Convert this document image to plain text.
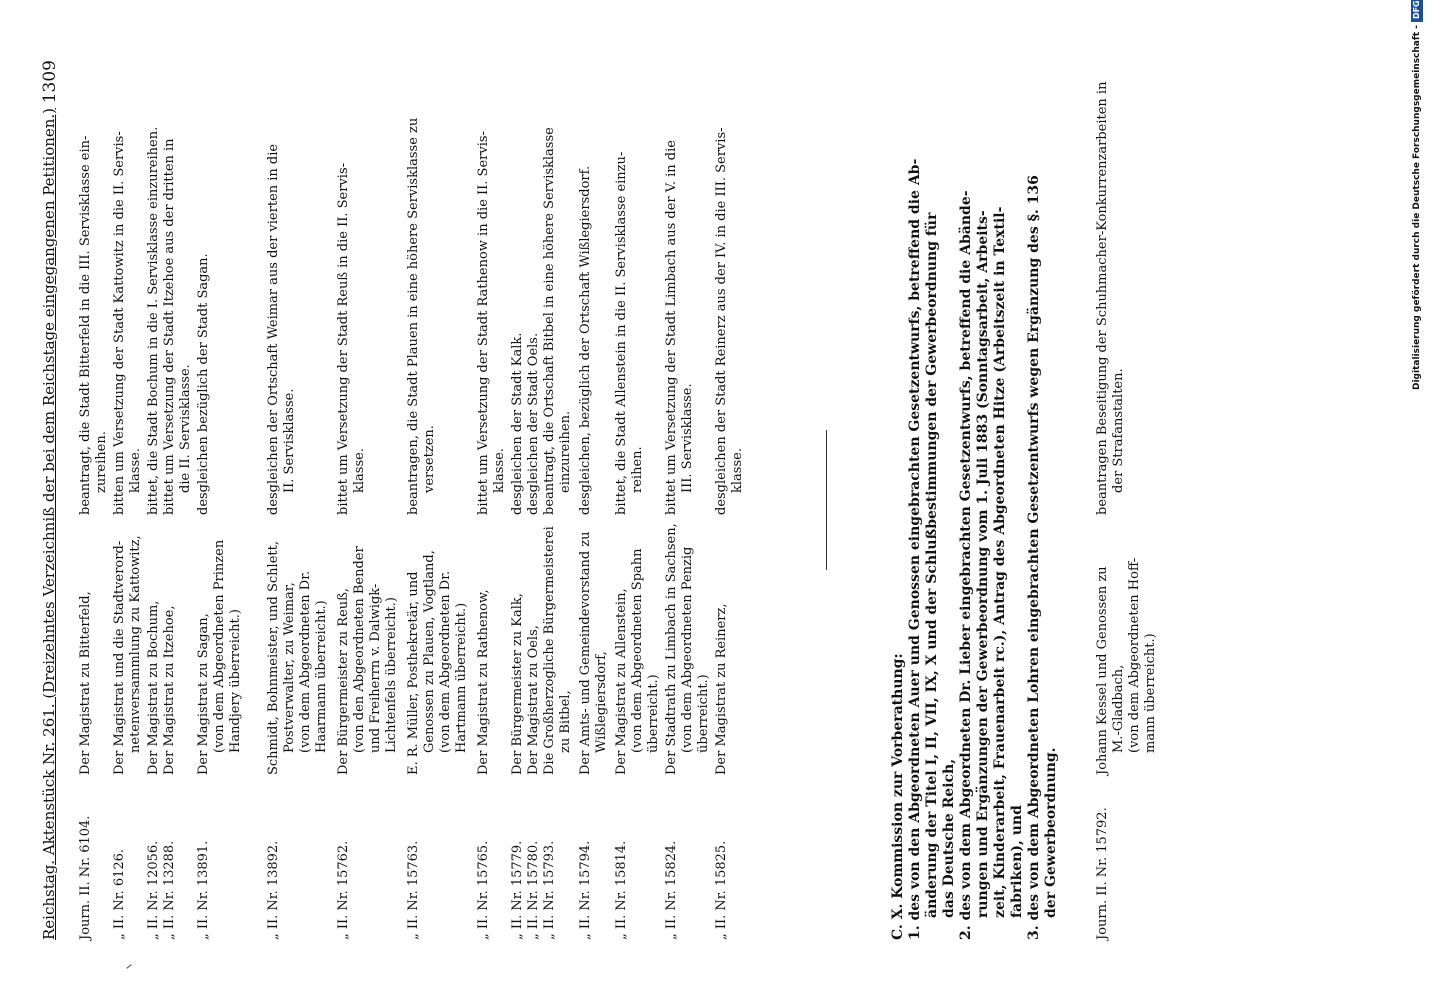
Reichstag. Aktenstück Nr. 261. (Dreizehntes Verzeichniß der bei dem Reichstage eingegangenen Petitionen.)
1309
Journ. II. Nr. 6104.
Der Magistrat zu Bitterfeld,
beantragt, die Stadt Bitterfeld in die III. Servisklasse ein- zureihen.
„ II. Nr. 6126.
Der Magistrat und die Stadtverord- netenversammlung zu Kattowitz,
bitten um Versetzung der Stadt Kattowitz in die II. Servis- klasse.
„ II. Nr. 12056.
Der Magistrat zu Bochum,
bittet, die Stadt Bochum in die I. Servisklasse einzureihen.
„ II. Nr. 13288.
Der Magistrat zu Itzehoe,
bittet um Versetzung der Stadt Itzehoe aus der dritten in die II. Servisklasse.
„ II. Nr. 13891.
Der Magistrat zu Sagan, (von dem Abgeordneten Prinzen Handjery überreicht.)
desgleichen bezüglich der Stadt Sagan.
„ II. Nr. 13892.
Schmidt, Bohnmeister, und Schlett, Postverwalter, zu Weimar, (von dem Abgeordneten Dr. Haarmann überreicht.)
desgleichen der Ortschaft Weimar aus der vierten in die II. Servisklasse.
„ II. Nr. 15762.
Der Bürgermeister zu Reuß, (von den Abgeordneten Bender und Freiherrn v. Dalwigk- Lichtenfels überreicht.)
bittet um Versetzung der Stadt Reuß in die II. Servis- klasse.
„ II. Nr. 15763.
E. R. Müller, Posthekretär, und Genossen zu Plauen, Vogtland, (von dem Abgeordneten Dr. Hartmann überreicht.)
beantragen, die Stadt Plauen in eine höhere Servisklasse zu versetzen.
„ II. Nr. 15765.
Der Magistrat zu Rathenow,
bittet um Versetzung der Stadt Rathenow in die II. Servis- klasse.
„ II. Nr. 15779.
Der Bürgermeister zu Kalk,
desgleichen der Stadt Kalk.
„ II. Nr. 15780.
Der Magistrat zu Oels,
desgleichen der Stadt Oels.
„ II. Nr. 15793.
Die Großherzogliche Bürgermeisterei zu Bitbel,
beantragt, die Ortschaft Bitbel in eine höhere Servisklasse einzureihen.
„ II. Nr. 15794.
Der Amts- und Gemeindevorstand zu Wißlegiersdorf,
desgleichen, bezüglich der Ortschaft Wißlegiersdorf.
„ II. Nr. 15814.
Der Magistrat zu Allenstein, (von dem Abgeordneten Spahn überreicht.)
bittet, die Stadt Allenstein in die II. Servisklasse einzu- reihen.
„ II. Nr. 15824.
Der Stadtrath zu Limbach in Sachsen, (von dem Abgeordneten Penzig überreicht.)
bittet um Versetzung der Stadt Limbach aus der V. in die III. Servisklasse.
„ II. Nr. 15825.
Der Magistrat zu Reinerz,
desgleichen der Stadt Reinerz aus der IV. in die III. Servis- klasse.
C. X. Kommission zur Vorberathung: 1. des von den Abgeordneten Auer und Genossen eingebrachten Gesetzentwurfs, betreffend die Ab- änderung der Titel I, II, VII, IX, X und der Schlußbestimmungen der Gewerbeordnung für das Deutsche Reich, 2. des von dem Abgeordneten Dr. Lieber eingebrachten Gesetzentwurfs, betreffend die Abände- rungen und Ergänzungen der Gewerbeordnung vom 1. Juli 1883 (Sonntagsarbeit, Arbeits- zeit, Kinderarbeit, Frauenarbeit rc.), Antrag des Abgeordneten Hitze (Arbeitszeit in Textil- fabriken), und 3. des von dem Abgeordneten Lohren eingebrachten Gesetzentwurfs wegen Ergänzung des §. 136 der Gewerbeordnung.	Journ. II. Nr. 15792.
Johann Kessel und Genossen zu M.-Gladbach, (von dem Abgeordneten Hoff- mann überreicht.)
beantragen Beseitigung der Schuhmacher-Konkurrenzarbeiten in der Strafanstalten.
Digitalisierung gefördert durch die Deutsche Forschungsgemeinschaft -DFG
